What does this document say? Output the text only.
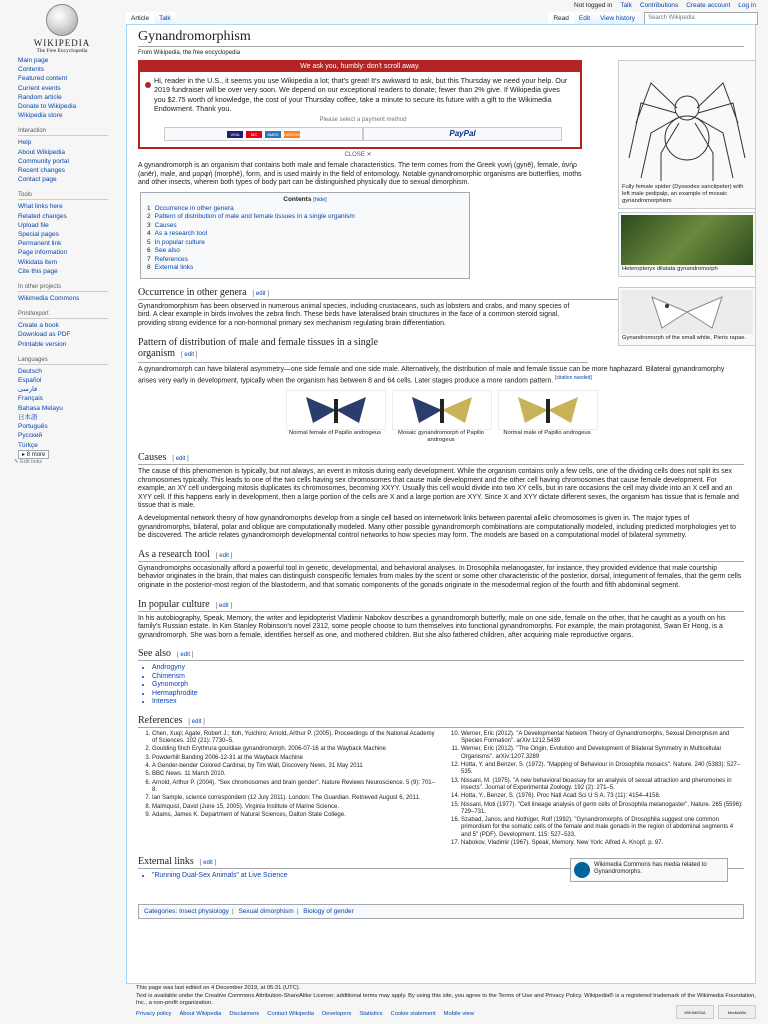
Not logged in Talk Contributions Create account Log in
WIKIPEDIA
The Free Encyclopedia
Article	Talk	Read	Edit	View history	Search Wikipedia
Main page
Contents
Featured content
Current events
Random article
Donate to Wikipedia
Wikipedia store
Interaction
Help
About Wikipedia
Community portal
Recent changes
Contact page
Tools
What links here
Related changes
Upload file
Special pages
Permanent link
Page information
Wikidata item
Cite this page
In other projects
Wikimedia Commons
Print/export
Create a book
Download as PDF
Printable version
Languages
Deutsch
Español
فارسی
Français
Bahasa Melayu
日本語
Português
Русский
Türkçe
▸ 8 more
✎ Edit links
Gynandromorphism
From Wikipedia, the free encyclopedia
We ask you, humbly: don't scroll away.
Hi, reader in the U.S., it seems you use Wikipedia a lot; that's great! It's awkward to ask, but this Thursday we need your help. Our 2019 fundraiser will be over very soon. We depend on our exceptional readers to donate; fewer than 2% give. If Wikipedia gives you $2.75 worth of knowledge, the cost of your Thursday coffee, take a minute to secure its future with a gift to the Wikimedia Endowment. Thank you.
Please select a payment method
VISA	MC	AMEX	DISCOVER	PayPal
CLOSE ✕

A gynandromorph is an organism that contains both male and female characteristics. The term comes from the Greek γυνή (gynē), female, ἀνήρ (anēr), male, and μορφή (morphē), form, and is used mainly in the field of entomology. Notable gynandromorphic organisms are butterflies, moths and other insects, wherein both types of body part can be distinguished physically due to sexual dimorphism.

Contents [hide]
1 Occurrence in other genera
2 Pattern of distribution of male and female tissues in a single organism
3 Causes
4 As a research tool
5 In popular culture
6 See also
7 References
8 External links
Occurrence in other genera [ edit ]

Gynandromorphism has been observed in numerous animal species, including crustaceans, such as lobsters and crabs, and many species of bird. A clear example in birds involves the zebra finch. These birds have lateralised brain structures in the face of a common steroid signal, providing strong evidence for a non-hormonal primary sex mechanism regulating brain differentiation.

Pattern of distribution of male and female tissues in a single
organism [ edit ]

A gynandromorph can have bilateral asymmetry—one side female and one side male. Alternatively, the distribution of male and female tissue can be more haphazard. Bilateral gynandromorphy arises very early in development, typically when the organism has between 8 and 64 cells. Later stages produce a more random pattern. [citation needed]

Normal female of Papilio androgeus	Mosaic gynandromorph of Papilio androgeus
Normal male of Papilio androgeus
Causes [ edit ]

The cause of this phenomenon is typically, but not always, an event in mitosis during early development. While the organism contains only a few cells, one of the dividing cells does not split its sex chromosomes typically. This leads to one of the two cells having sex chromosomes that cause male development and the other cell having chromosomes that cause female development. For example, an XY cell undergoing mitosis duplicates its chromosomes, becoming XXYY. Usually this cell would divide into two XY cells, but in rare occasions the cell may divide into an X cell and an XYY cell. If this happens early in development, then a large portion of the cells are X and a large portion are XYY. Since X and XYY dictate different sexes, the organism has tissue that is female and tissue that is male.

A developmental network theory of how gynandromorphs develop from a single cell based on internetwork links between parental allelic chromosomes is given in. The major types of gynandromorphs, bilateral, polar and oblique are computationally modeled. Many other possible gynandromorph combinations are computationally modeled, including predicted morphologies yet to be discovered. The article relates gynandromorph developmental control networks to how species may form. The models are based on a computational model of bilateral symmetry.

As a research tool [ edit ]

Gynandromorphs occasionally afford a powerful tool in genetic, developmental, and behavioral analyses. In Drosophila melanogaster, for instance, they provided evidence that male courtship behavior originates in the brain, that males can distinguish conspecific females from males by the scent or some other characteristic of the posterior, dorsal, integument of females, that the germ cells originate in the posterior-most region of the blastoderm, and that somatic components of the gonads originate in the mesodermal region of the fourth and fifth abdominal segment.

In popular culture [ edit ]

In his autobiography, Speak, Memory, the writer and lepidopterist Vladimir Nabokov describes a gynandromorph butterfly, male on one side, female on the other, that he caught as a youth on his family's Russian estate. In Kim Stanley Robinson's novel 2312, some people choose to turn themselves into functional gynandromorphs. For example, the main protagonist, Swan Er Hong, is a gynandromorph. She was born a female, identifies herself as one, and mothered children. But she also fathered children, after acquiring male reproductive organs.

See also [ edit ]
• Androgyny
• Chimerism
• Gynomorph
• Hermaphrodite
• Intersex
References [ edit ]
1. Chen, Xuqi; Agate, Robert J.; Itoh, Yuichiro; Arnold, Arthur P. (2005). Proceedings of the National Academy of Sciences. 102 (21): 7730–5.
2. Goulding finch Erythrura gouldiae gynandromorph. 2006-07-16 at the Wayback Machine
3. Powderhill Banding 2006-12-31 at the Wayback Machine
4. A Gender-bender Colored Cardinal, by Tim Wall, Discovery News, 31 May 2011
5. BBC News. 11 March 2010.
6. Arnold, Arthur P. (2004). "Sex chromosomes and brain gender". Nature Reviews Neuroscience. 5 (9): 701–8.
7. Ian Sample, science correspondent (12 July 2011). London: The Guardian. Retrieved August 6, 2011.
8. Malmquist, David (June 15, 2005). Virginia Institute of Marine Science.
9. Adams, James K. Department of Natural Sciences, Dalton State College.
10. Werner, Eric (2012). "A Developmental Network Theory of Gynandromorphs, Sexual Dimorphism and Species Formation". arXiv:1212.5439
11. Werner, Eric (2012). "The Origin, Evolution and Development of Bilateral Symmetry in Multicellular Organisms". arXiv:1207.3289
12. Hotta, Y. and Benzer, S. (1972). "Mapping of Behaviour in Drosophila mosaics". Nature. 240 (5383): 527–535.
13. Nissani, M. (1975). "A new behavioral bioassay for an analysis of sexual attraction and pheromones in insects". Journal of Experimental Zoology. 192 (2): 271–5.
14. Hotta, Y., Benzer, S. (1976). Proc Natl Acad Sci U S A. 73 (11): 4154–4158.
15. Nissani, Moti (1977). "Cell lineage analysis of germ cells of Drosophila melanogaster". Nature. 265 (5596): 729–731.
16. Szabad, Janos, and Nothiger, Rolf (1992). "Gynandromorphs of Drosophila suggest one common primordium for the somatic cells of the female and male gonads in the region of abdominal segments 4 and 5" (PDF). Development. 115: 527–533.
17. Nabokov, Vladimir (1967). Speak, Memory. New York: Alfred A. Knopf. p. 97.
External links [ edit ]
• "Running Dual-Sex Animals" at Live Science
Wikimedia Commons has media related to Gynandromorphs.
Categories: Insect physiology | Sexual dimorphism | Biology of gender
Fully female spider (Dyssodes sanctipeter) with left male pedipalp, an example of mosaic gynandromorphism
Heteropteryx dilatata gynandromorph
Gynandromorph of the small white, Pieris rapae.
This page was last edited on 4 December 2019, at 05:31 (UTC).
Text is available under the Creative Commons Attribution-ShareAlike License; additional terms may apply. By using this site, you agree to the Terms of Use and Privacy Policy. Wikipedia® is a registered trademark of the Wikimedia Foundation, Inc., a non-profit organization.
Privacy policy About Wikipedia Disclaimers Contact Wikipedia Developers Statistics Cookie statement Mobile view	WIKIMEDIA	MediaWiki
